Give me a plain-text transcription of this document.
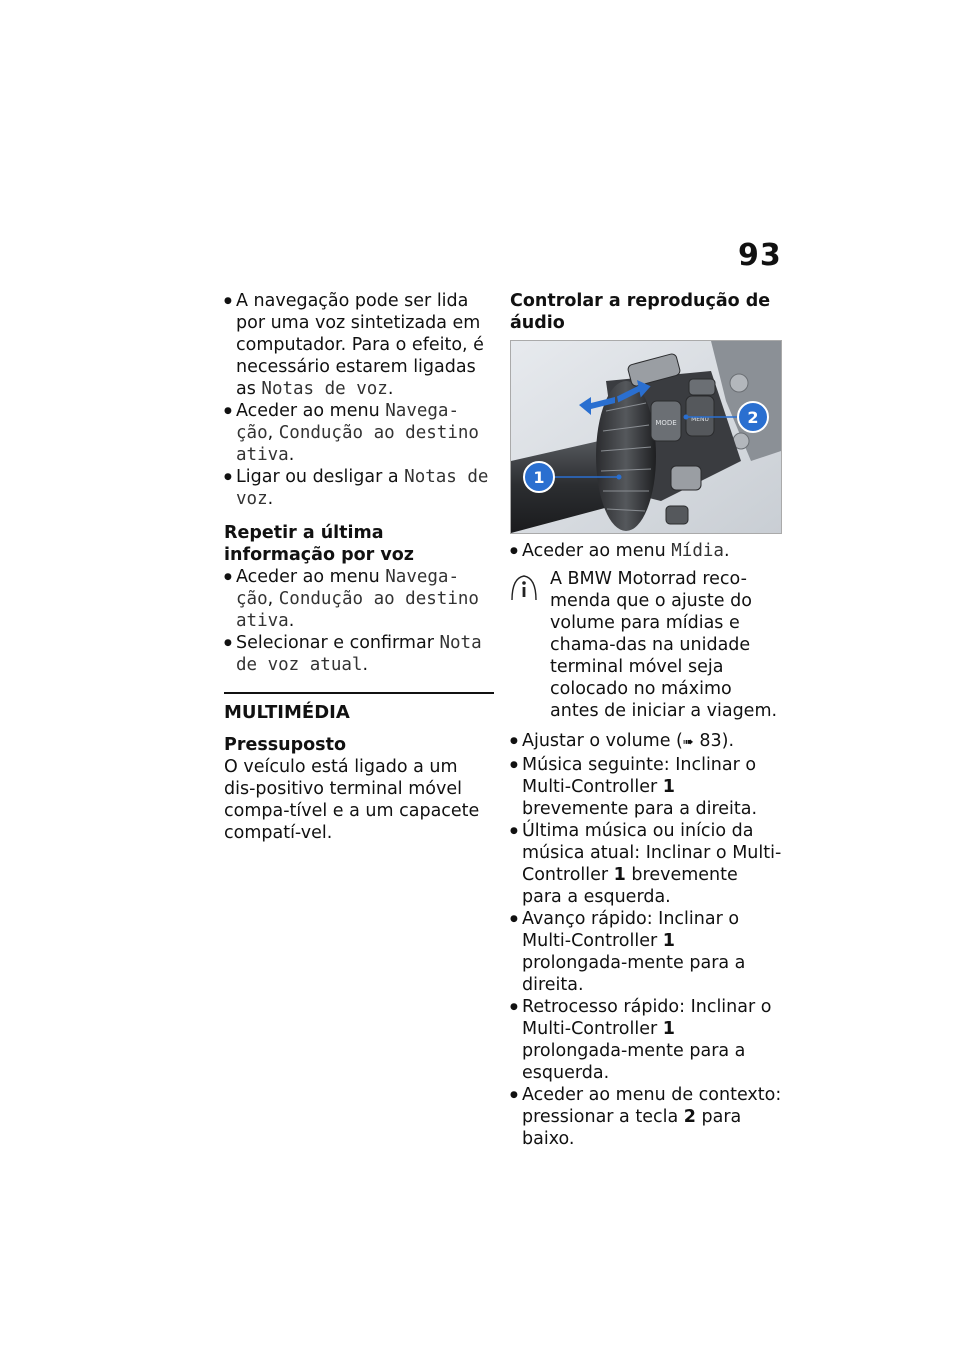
93
● A navegação pode ser lida por uma voz sintetizada em computador. Para o efeito, é necessário estarem ligadas as Notas de voz.
● Aceder ao menu Navega-ção, Condução ao destino ativa.
● Ligar ou desligar a Notas de voz.
Repetir a última informação por voz
● Aceder ao menu Navega-ção, Condução ao destino ativa.
● Selecionar e confirmar Nota de voz atual.
MULTIMÉDIA
Pressuposto

O veículo está ligado a um dis-positivo terminal móvel compa-tível e a um capacete compatí-vel.

Controlar a reprodução de áudio
MODE MENU
1
2
● Aceder ao menu Mídia.

A BMW Motorrad reco-menda que o ajuste do volume para mídias e chama-das na unidade terminal móvel seja colocado no máximo antes de iniciar a viagem.

● Ajustar o volume (➠ 83).
● Música seguinte: Inclinar o Multi-Controller 1 brevemente para a direita.
● Última música ou início da música atual: Inclinar o Multi-Controller 1 brevemente para a esquerda.
● Avanço rápido: Inclinar o Multi-Controller 1 prolongada-mente para a direita.
● Retrocesso rápido: Inclinar o Multi-Controller 1 prolongada-mente para a esquerda.
● Aceder ao menu de contexto: pressionar a tecla 2 para baixo.
